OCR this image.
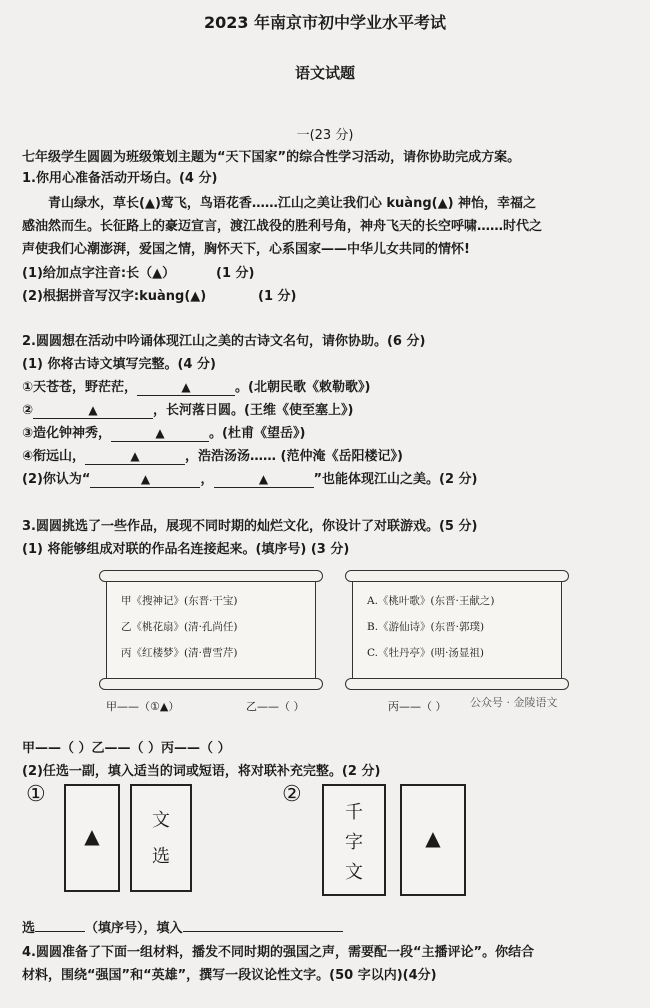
2023 年南京市初中学业水平考试
语文试题
一(23 分)
七年级学生圆圆为班级策划主题为“天下国家”的综合性学习活动，请你协助完成方案。
1.你用心准备活动开场白。(4 分)
青山绿水，草长(▲)莺飞，鸟语花香……江山之美让我们心 kuàng(▲) 神怡，幸福之
感油然而生。长征路上的豪迈宣言，渡江战役的胜利号角，神舟飞天的长空呼啸……时代之
声使我们心潮澎湃，爱国之情，胸怀天下，心系国家——中华儿女共同的情怀!
(1)给加点字注音:长（▲）	(1 分)
(2)根据拼音写汉字:kuàng(▲)	(1 分)
2.圆圆想在活动中吟诵体现江山之美的古诗文名句，请你协助。(6 分)
(1) 你将古诗文填写完整。(4 分)
①天苍苍，野茫茫，	▲	。(北朝民歌《敕勒歌》)
②	▲	，长河落日圆。(王维《使至塞上》)
③造化钟神秀，	▲	。(杜甫《望岳》)
④衔远山，	▲	，浩浩汤汤…… (范仲淹《岳阳楼记》)
(2)你认为“	▲	，	▲	”也能体现江山之美。(2 分)
3.圆圆挑选了一些作品，展现不同时期的灿烂文化，你设计了对联游戏。(5 分)
(1) 将能够组成对联的作品名连接起来。(填序号) (3 分)
甲《搜神记》(东晋·干宝)
乙《桃花扇》(清·孔尚任)
丙《红楼梦》(清·曹雪芹)
A.《桃叶歌》(东晋·王献之)
B.《游仙诗》(东晋·郭璞)
C.《牡丹亭》(明·汤显祖)
甲——（①▲）	乙——（ ）	丙——（ ） 公众号 · 金陵语文
甲——（ ）乙——（ ）丙——（ ）
(2)任选一副，填入适当的词或短语，将对联补充完整。(2 分)
①
▲
文
选
②
千
字
文
▲
选	（填序号），填入
4.圆圆准备了下面一组材料，播发不同时期的强国之声，需要配一段“主播评论”。你结合
材料，围绕“强国”和“英雄”，撰写一段议论性文字。(50 字以内)(4分)
